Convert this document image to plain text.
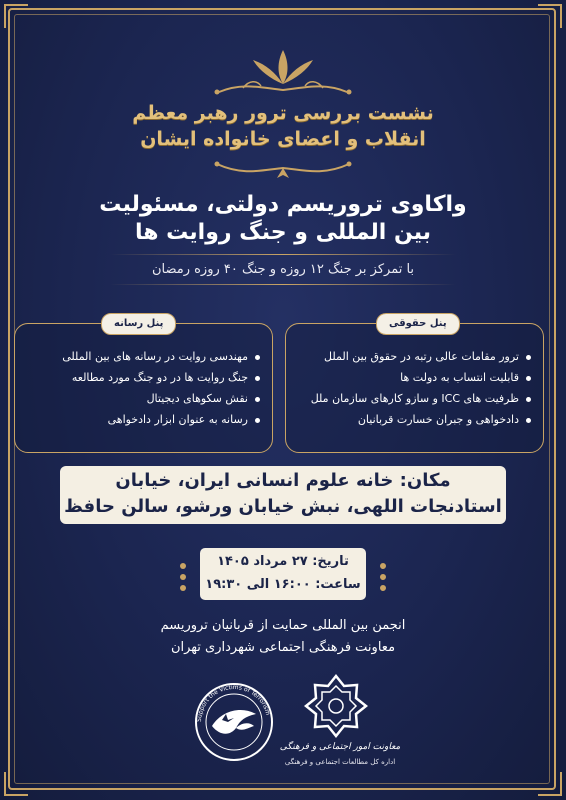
نشست بررسی ترور رهبر معظم
انقلاب و اعضای خانواده ایشان
واکاوی تروریسم دولتی، مسئولیت
بین المللی و جنگ روایت ها
با تمرکز بر جنگ ۱۲ روزه و جنگ ۴۰ روزه رمضان
پنل رسانه
مهندسی روایت در رسانه های بین المللی
جنگ روایت ها در دو جنگ مورد مطالعه
نقش سکوهای دیجیتال
رسانه به عنوان ابزار دادخواهی
پنل حقوقی
ترور مقامات عالی رتبه در حقوق بین الملل
قابلیت انتساب به دولت ها
ظرفیت های ICC و سازو کارهای سازمان ملل
دادخواهی و جبران خسارت قربانیان
مکان: خانه علوم انسانی ایران، خیابان
استادنجات اللهی، نبش خیابان ورشو، سالن حافظ
تاریخ: ۲۷ مرداد ۱۴۰۵
ساعت: ۱۶:۰۰ الی ۱۹:۳۰
انجمن بین المللی حمایت از قربانیان تروریسم
معاونت فرهنگی اجتماعی شهرداری تهران
معاونت امور اجتماعی و فرهنگی
اداره کل مطالعات اجتماعی و فرهنگی
Support the Victims of Terrorism
